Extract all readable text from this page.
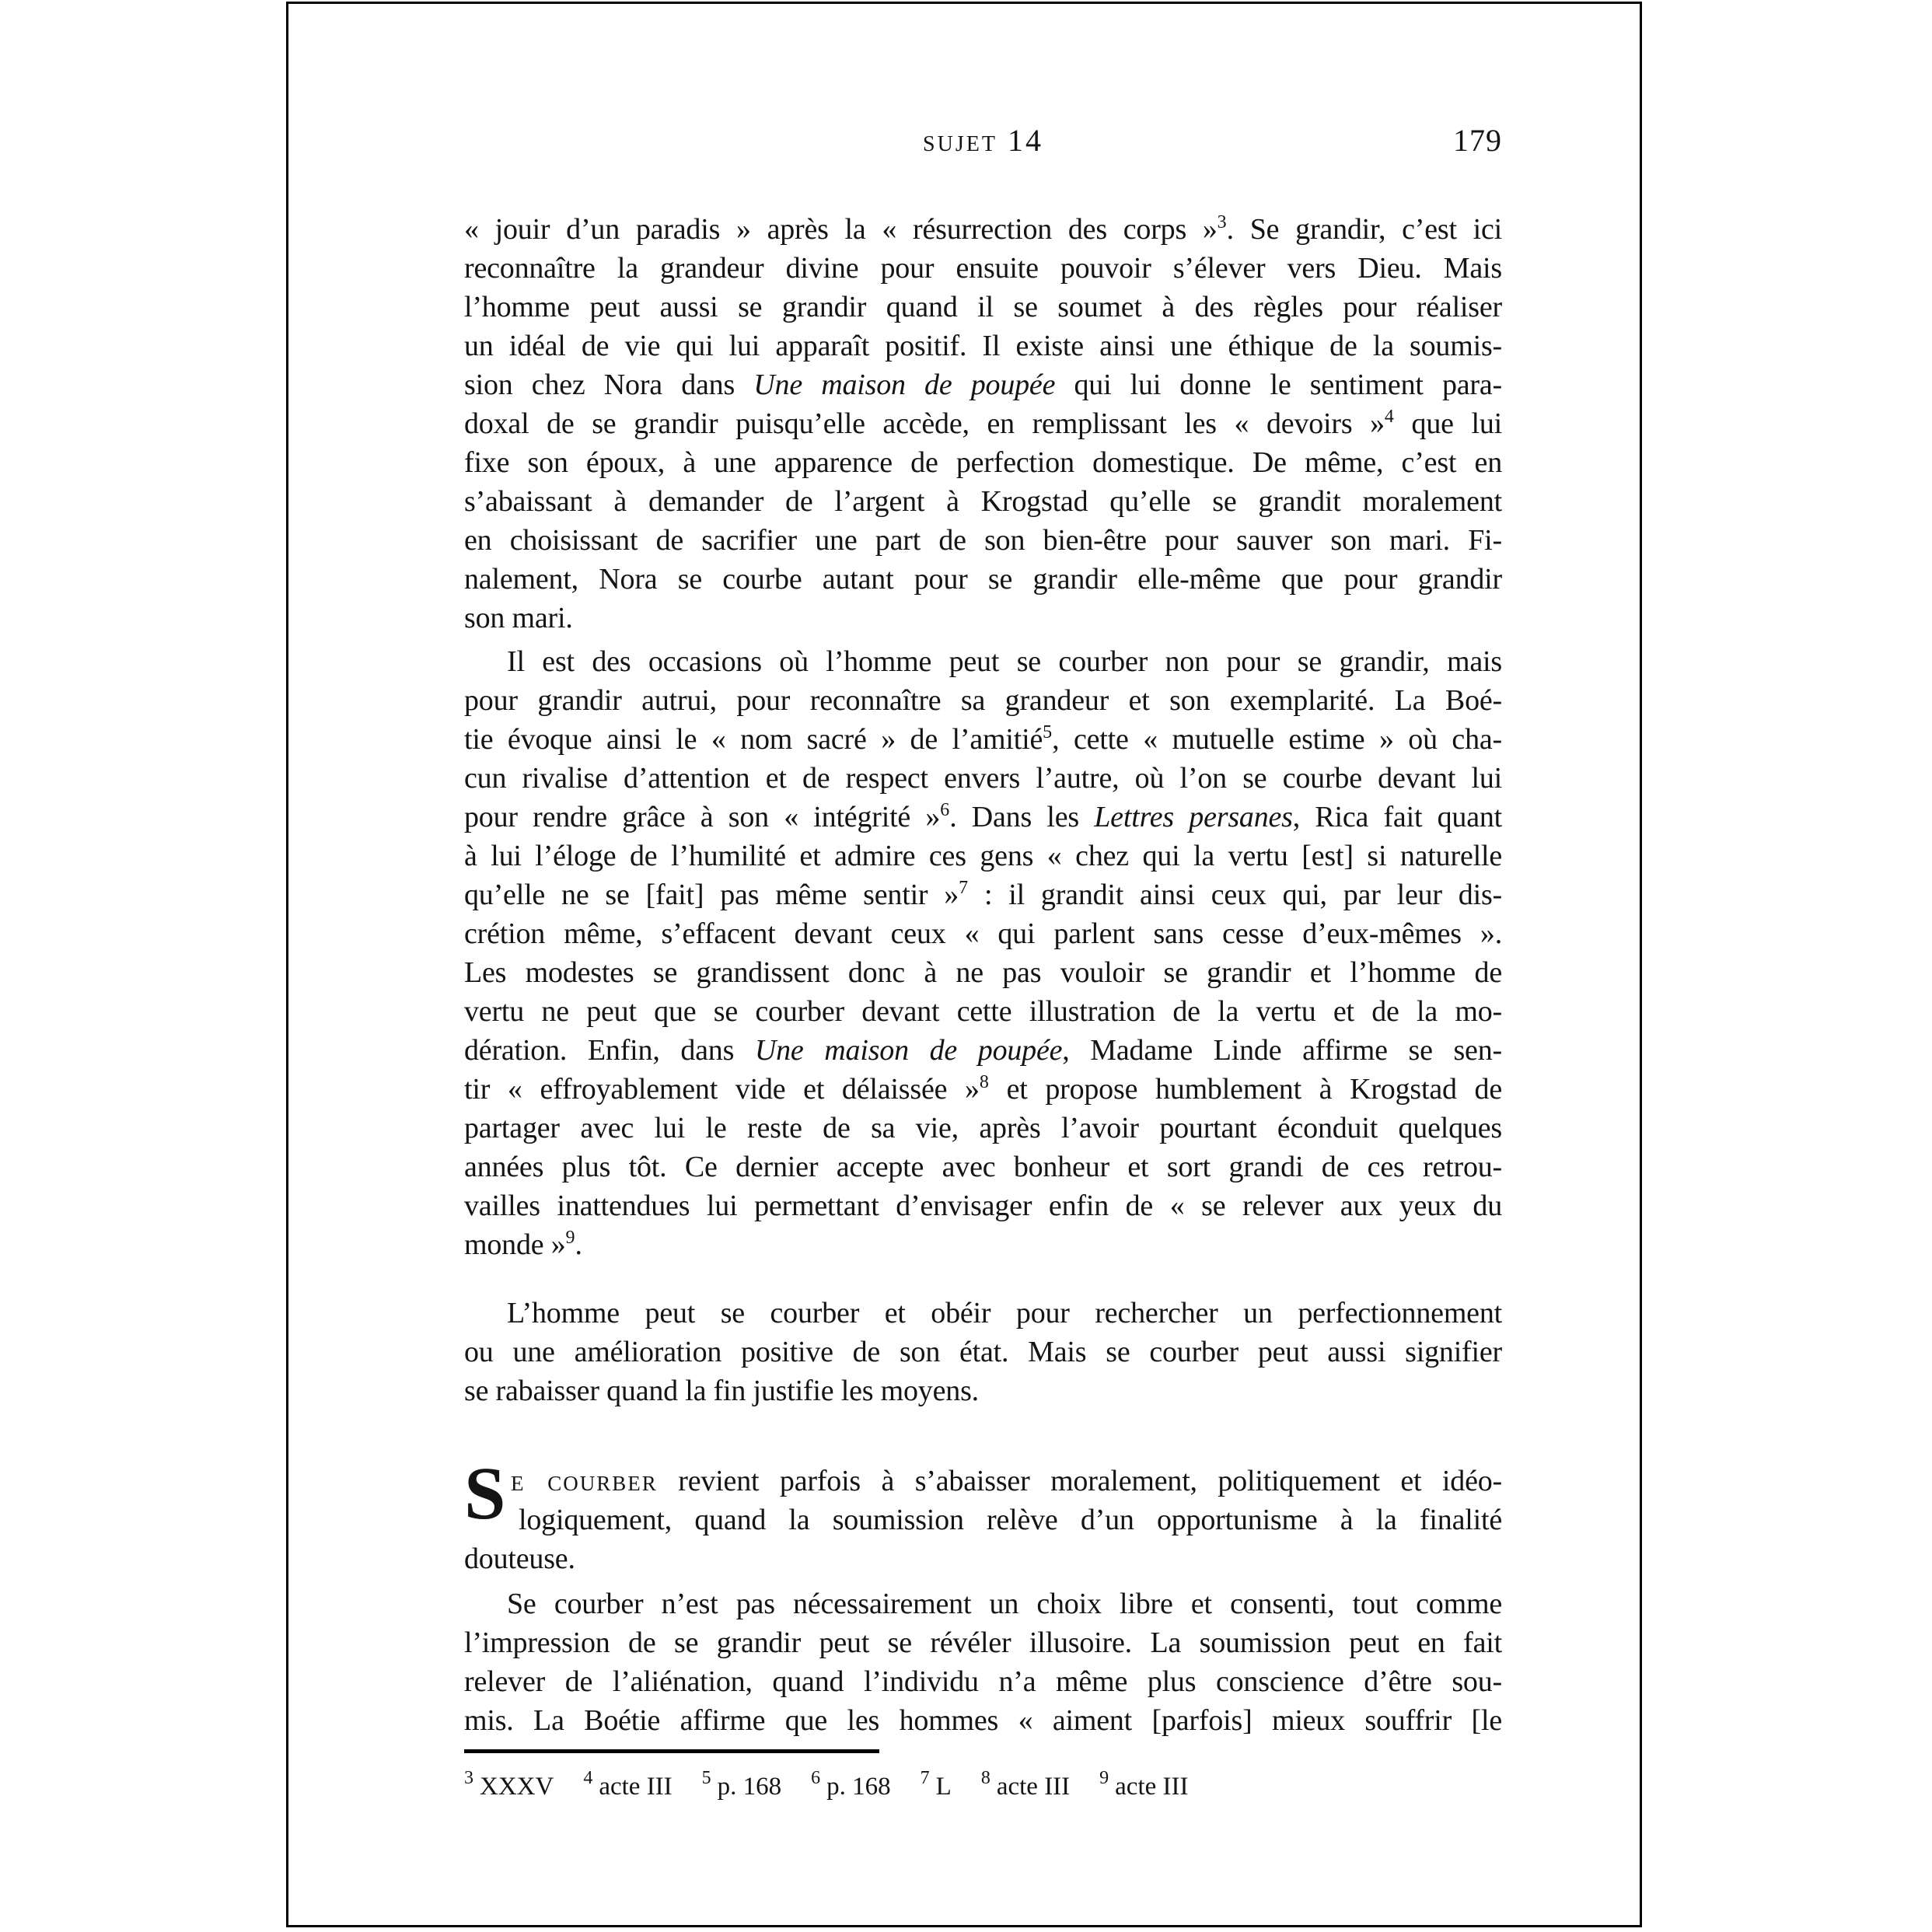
sujet 14	179
« jouir d’un paradis » après la « résurrection des corps »$^3$. Se grandir, c’est ici
reconnaître la grandeur divine pour ensuite pouvoir s’élever vers Dieu. Mais
l’homme peut aussi se grandir quand il se soumet à des règles pour réaliser
un idéal de vie qui lui apparaît positif. Il existe ainsi une éthique de la soumis-
sion chez Nora dans Une maison de poupée qui lui donne le sentiment para-
doxal de se grandir puisqu’elle accède, en remplissant les « devoirs »$^4$ que lui
fixe son époux, à une apparence de perfection domestique. De même, c’est en
s’abaissant à demander de l’argent à Krogstad qu’elle se grandit moralement
en choisissant de sacrifier une part de son bien-être pour sauver son mari. Fi-
nalement, Nora se courbe autant pour se grandir elle-même que pour grandir
son mari.
Il est des occasions où l’homme peut se courber non pour se grandir, mais
pour grandir autrui, pour reconnaître sa grandeur et son exemplarité. La Boé-
tie évoque ainsi le « nom sacré » de l’amitié$^5$, cette « mutuelle estime » où cha-
cun rivalise d’attention et de respect envers l’autre, où l’on se courbe devant lui
pour rendre grâce à son « intégrité »$^6$. Dans les Lettres persanes, Rica fait quant
à lui l’éloge de l’humilité et admire ces gens « chez qui la vertu [est] si naturelle
qu’elle ne se [fait] pas même sentir »$^7$ : il grandit ainsi ceux qui, par leur dis-
crétion même, s’effacent devant ceux « qui parlent sans cesse d’eux-mêmes ».
Les modestes se grandissent donc à ne pas vouloir se grandir et l’homme de
vertu ne peut que se courber devant cette illustration de la vertu et de la mo-
dération. Enfin, dans Une maison de poupée, Madame Linde affirme se sen-
tir « effroyablement vide et délaissée »$^8$ et propose humblement à Krogstad de
partager avec lui le reste de sa vie, après l’avoir pourtant éconduit quelques
années plus tôt. Ce dernier accepte avec bonheur et sort grandi de ces retrou-
vailles inattendues lui permettant d’envisager enfin de « se relever aux yeux du
monde »$^9$.
L’homme peut se courber et obéir pour rechercher un perfectionnement
ou une amélioration positive de son état. Mais se courber peut aussi signifier
se rabaisser quand la fin justifie les moyens.
S e courber revient parfois à s’abaisser moralement, politiquement et idéo-
logiquement, quand la soumission relève d’un opportunisme à la finalité
douteuse.
Se courber n’est pas nécessairement un choix libre et consenti, tout comme
l’impression de se grandir peut se révéler illusoire. La soumission peut en fait
relever de l’aliénation, quand l’individu n’a même plus conscience d’être sou-
mis. La Boétie affirme que les hommes « aiment [parfois] mieux souffrir [le
$^3$ XXXV $^4$ acte III $^5$ p. 168 $^6$ p. 168 $^7$ L $^8$ acte III $^9$ acte III
